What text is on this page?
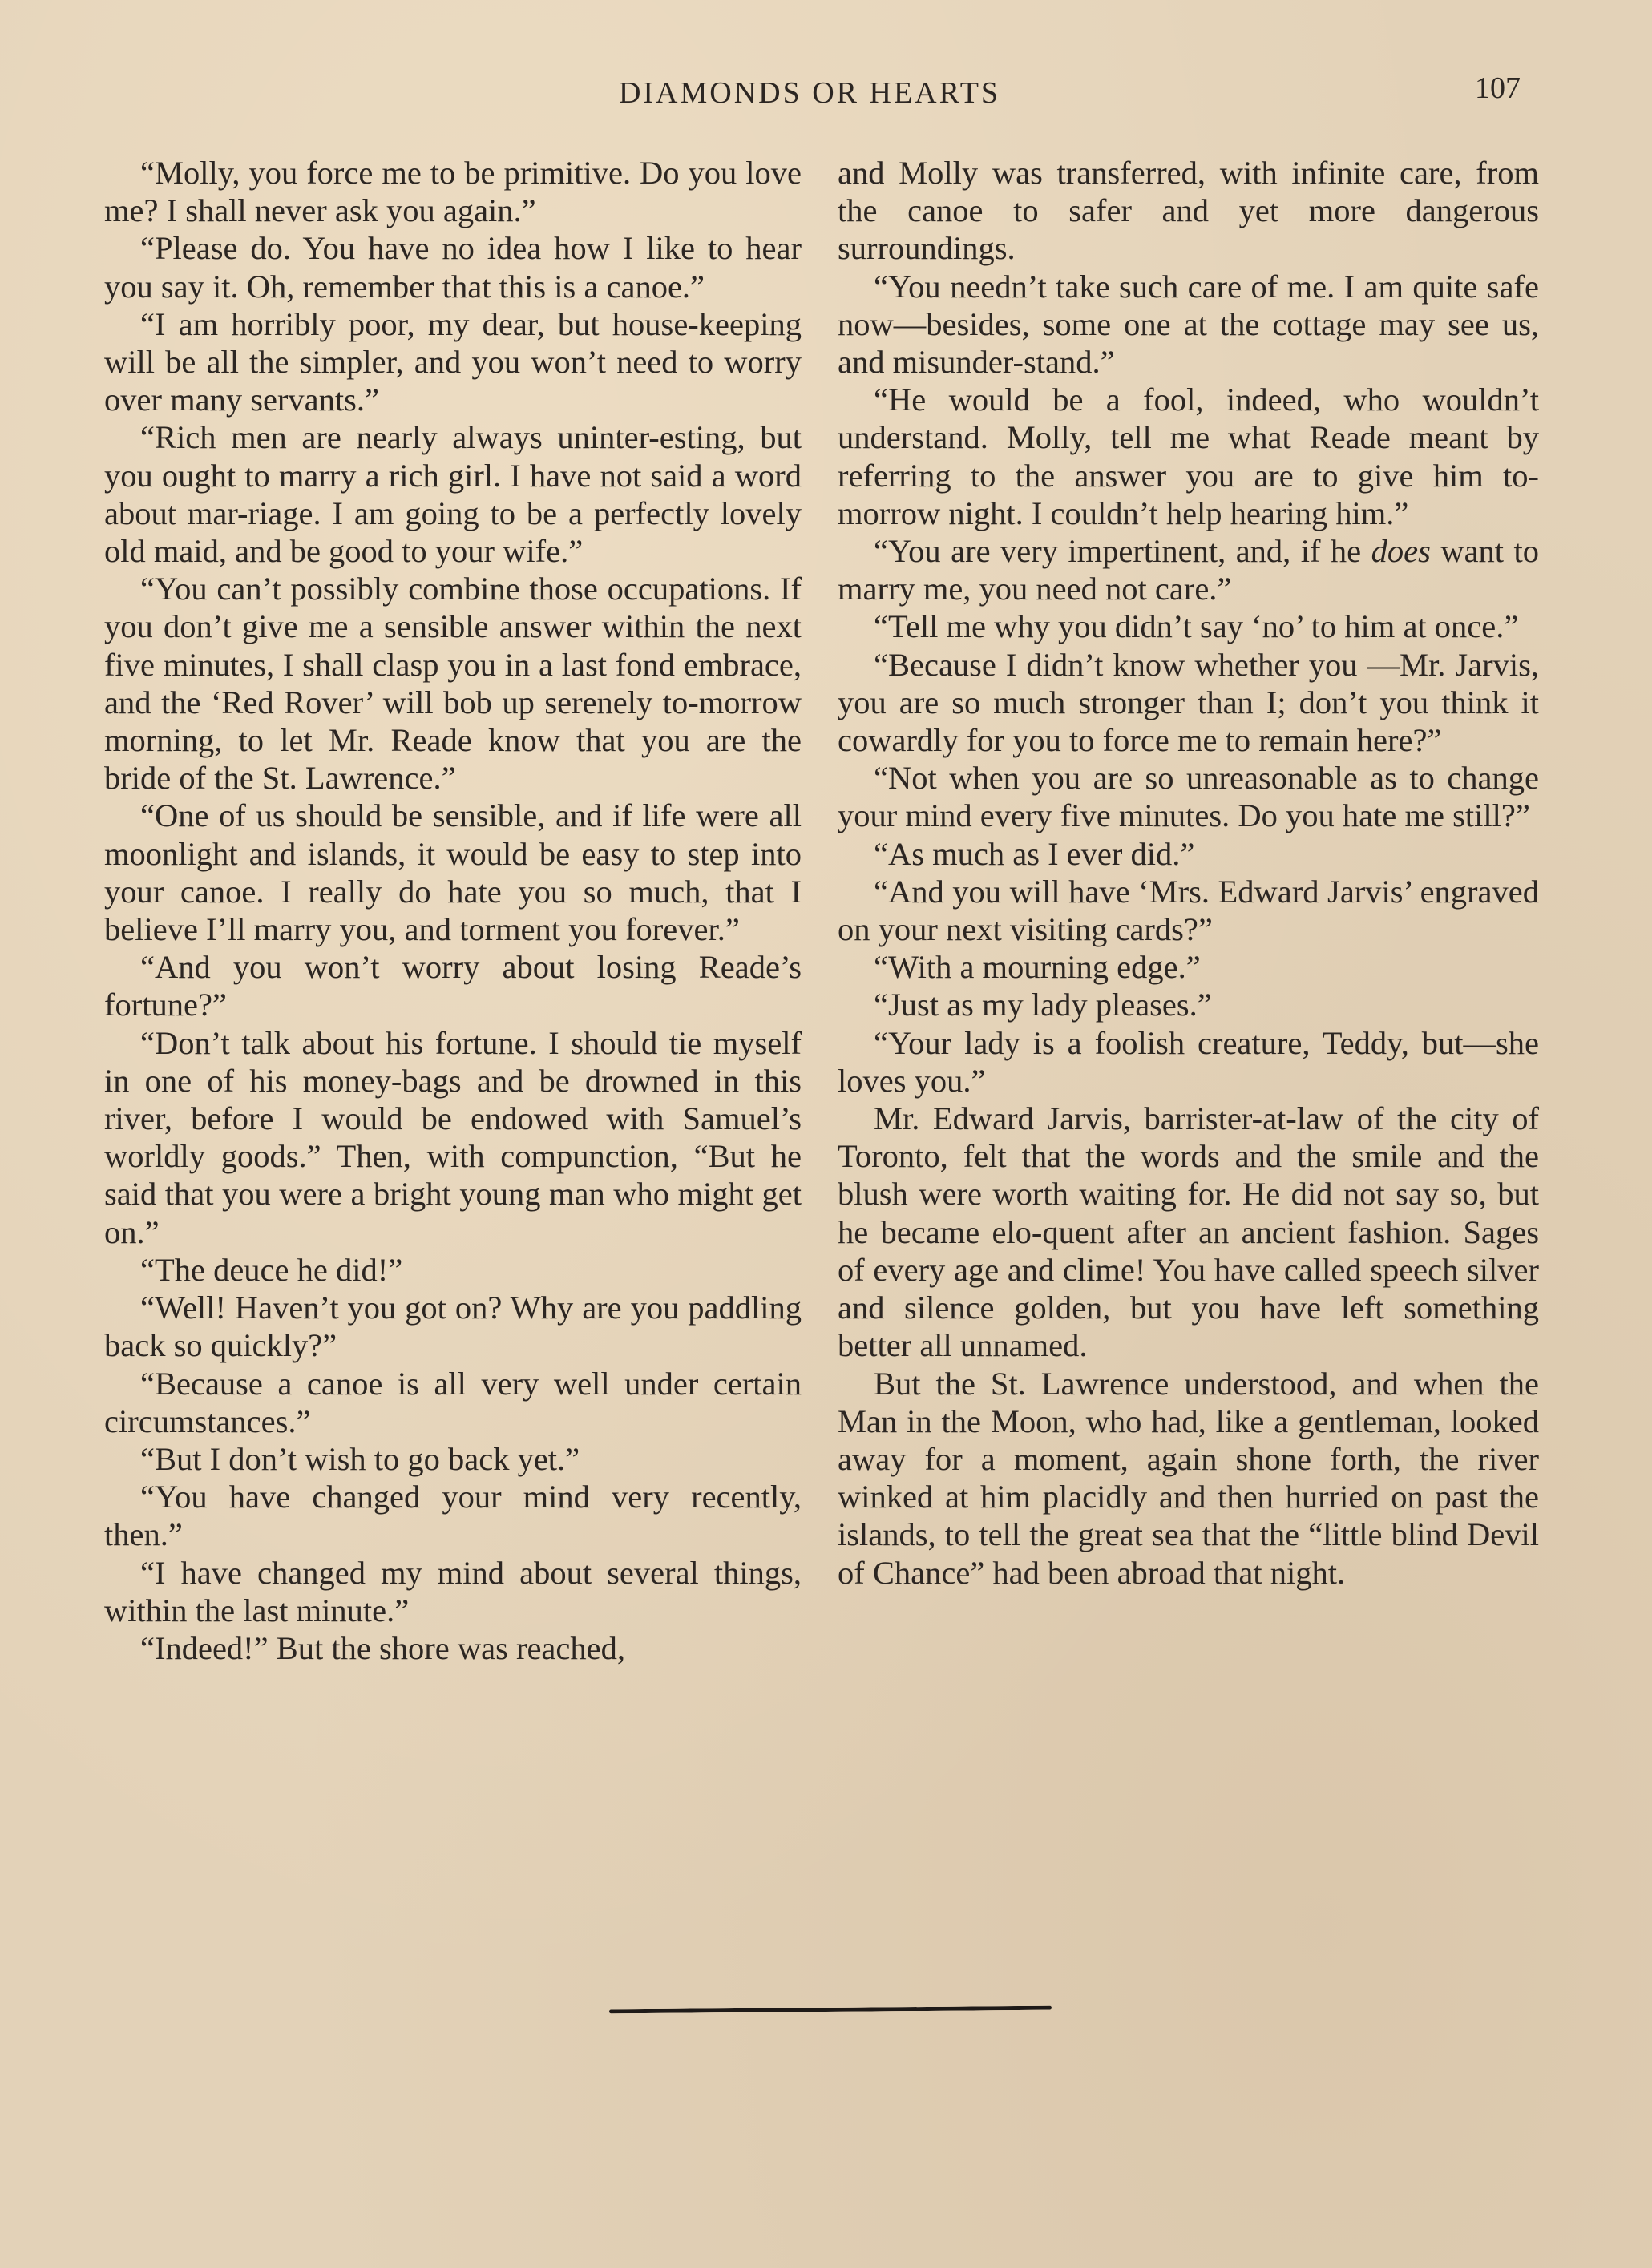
DIAMONDS OR HEARTS	107

“Molly, you force me to be primitive. Do you love me? I shall never ask you again.”

“Please do. You have no idea how I like to hear you say it. Oh, remember that this is a canoe.”

“I am horribly poor, my dear, but house-keeping will be all the simpler, and you won’t need to worry over many servants.”

“Rich men are nearly always uninter-esting, but you ought to marry a rich girl. I have not said a word about mar-riage. I am going to be a perfectly lovely old maid, and be good to your wife.”

“You can’t possibly combine those occupations. If you don’t give me a sensible answer within the next five minutes, I shall clasp you in a last fond embrace, and the ‘Red Rover’ will bob up serenely to-morrow morning, to let Mr. Reade know that you are the bride of the St. Lawrence.”

“One of us should be sensible, and if life were all moonlight and islands, it would be easy to step into your canoe. I really do hate you so much, that I believe I’ll marry you, and torment you forever.”

“And you won’t worry about losing Reade’s fortune?”

“Don’t talk about his fortune. I should tie myself in one of his money-bags and be drowned in this river, before I would be endowed with Samuel’s worldly goods.” Then, with compunction, “But he said that you were a bright young man who might get on.”

“The deuce he did!”

“Well! Haven’t you got on? Why are you paddling back so quickly?”

“Because a canoe is all very well under certain circumstances.”

“But I don’t wish to go back yet.”

“You have changed your mind very recently, then.”

“I have changed my mind about several things, within the last minute.”

“Indeed!” But the shore was reached,

and Molly was transferred, with infinite care, from the canoe to safer and yet more dangerous surroundings.

“You needn’t take such care of me. I am quite safe now—besides, some one at the cottage may see us, and misunder-stand.”

“He would be a fool, indeed, who wouldn’t understand. Molly, tell me what Reade meant by referring to the answer you are to give him to-morrow night. I couldn’t help hearing him.”

“You are very impertinent, and, if he does want to marry me, you need not care.”

“Tell me why you didn’t say ‘no’ to him at once.”

“Because I didn’t know whether you —Mr. Jarvis, you are so much stronger than I; don’t you think it cowardly for you to force me to remain here?”

“Not when you are so unreasonable as to change your mind every five minutes. Do you hate me still?”

“As much as I ever did.”

“And you will have ‘Mrs. Edward Jarvis’ engraved on your next visiting cards?”

“With a mourning edge.”

“Just as my lady pleases.”

“Your lady is a foolish creature, Teddy, but—she loves you.”

Mr. Edward Jarvis, barrister-at-law of the city of Toronto, felt that the words and the smile and the blush were worth waiting for. He did not say so, but he became elo-quent after an ancient fashion. Sages of every age and clime! You have called speech silver and silence golden, but you have left something better all unnamed.

But the St. Lawrence understood, and when the Man in the Moon, who had, like a gentleman, looked away for a moment, again shone forth, the river winked at him placidly and then hurried on past the islands, to tell the great sea that the “little blind Devil of Chance” had been abroad that night.
